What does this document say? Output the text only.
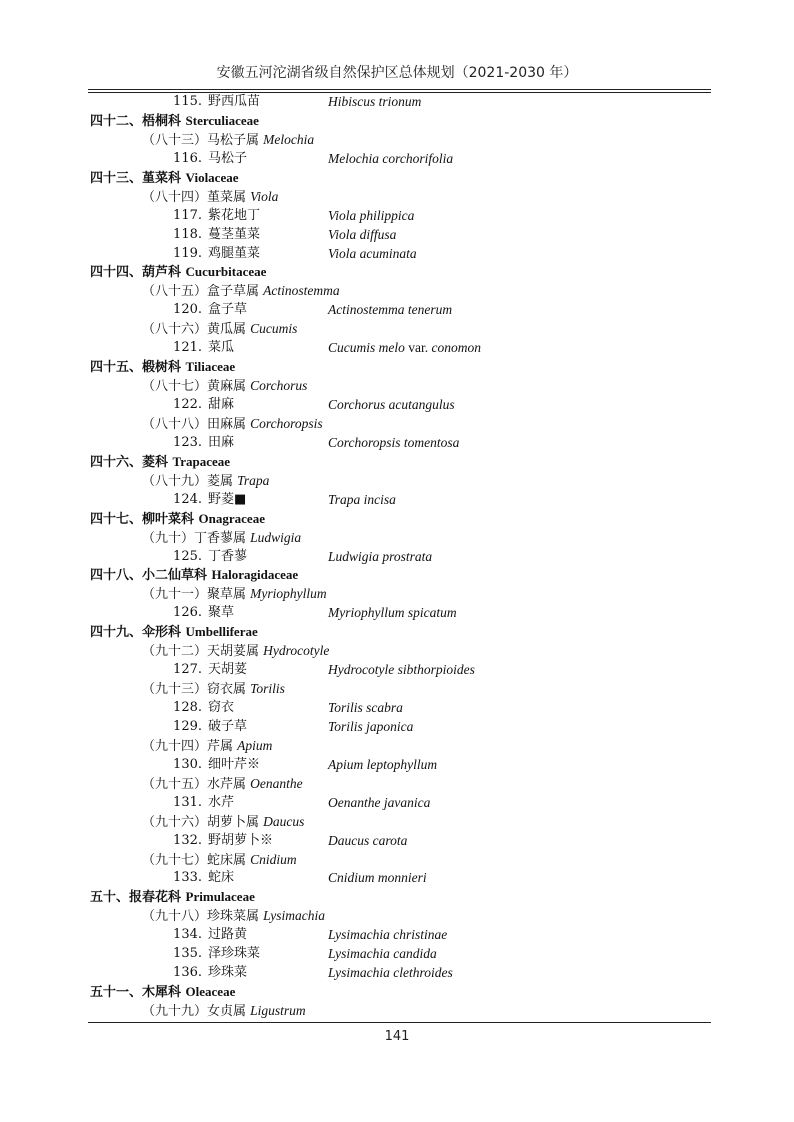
安徽五河沱湖省级自然保护区总体规划（2021-2030 年）
115. 野西瓜苗	Hibiscus trionum
四十二、梧桐科 Sterculiaceae
（八十三）马松子属 Melochia
116. 马松子	Melochia corchorifolia
四十三、堇菜科 Violaceae
（八十四）堇菜属 Viola
117. 紫花地丁	Viola philippica
118. 蔓茎堇菜	Viola diffusa
119. 鸡腿堇菜	Viola acuminata
四十四、葫芦科 Cucurbitaceae
（八十五）盒子草属 Actinostemma
120. 盒子草	Actinostemma tenerum
（八十六）黄瓜属 Cucumis
121. 菜瓜	Cucumis melo var. conomon
四十五、椴树科 Tiliaceae
（八十七）黄麻属 Corchorus
122. 甜麻	Corchorus acutangulus
（八十八）田麻属 Corchoropsis
123. 田麻	Corchoropsis tomentosa
四十六、菱科 Trapaceae
（八十九）菱属 Trapa
124. 野菱■	Trapa incisa
四十七、柳叶菜科 Onagraceae
（九十）丁香蓼属 Ludwigia
125. 丁香蓼	Ludwigia prostrata
四十八、小二仙草科 Haloragidaceae
（九十一）聚草属 Myriophyllum
126. 聚草	Myriophyllum spicatum
四十九、伞形科 Umbelliferae
（九十二）天胡荽属 Hydrocotyle
127. 天胡荽	Hydrocotyle sibthorpioides
（九十三）窃衣属 Torilis
128. 窃衣	Torilis scabra
129. 破子草	Torilis japonica
（九十四）芹属 Apium
130. 细叶芹※	Apium leptophyllum
（九十五）水芹属 Oenanthe
131. 水芹	Oenanthe javanica
（九十六）胡萝卜属 Daucus
132. 野胡萝卜※	Daucus carota
（九十七）蛇床属 Cnidium
133. 蛇床	Cnidium monnieri
五十、报春花科 Primulaceae
（九十八）珍珠菜属 Lysimachia
134. 过路黄	Lysimachia christinae
135. 泽珍珠菜	Lysimachia candida
136. 珍珠菜	Lysimachia clethroides
五十一、木犀科 Oleaceae
（九十九）女贞属 Ligustrum
141
